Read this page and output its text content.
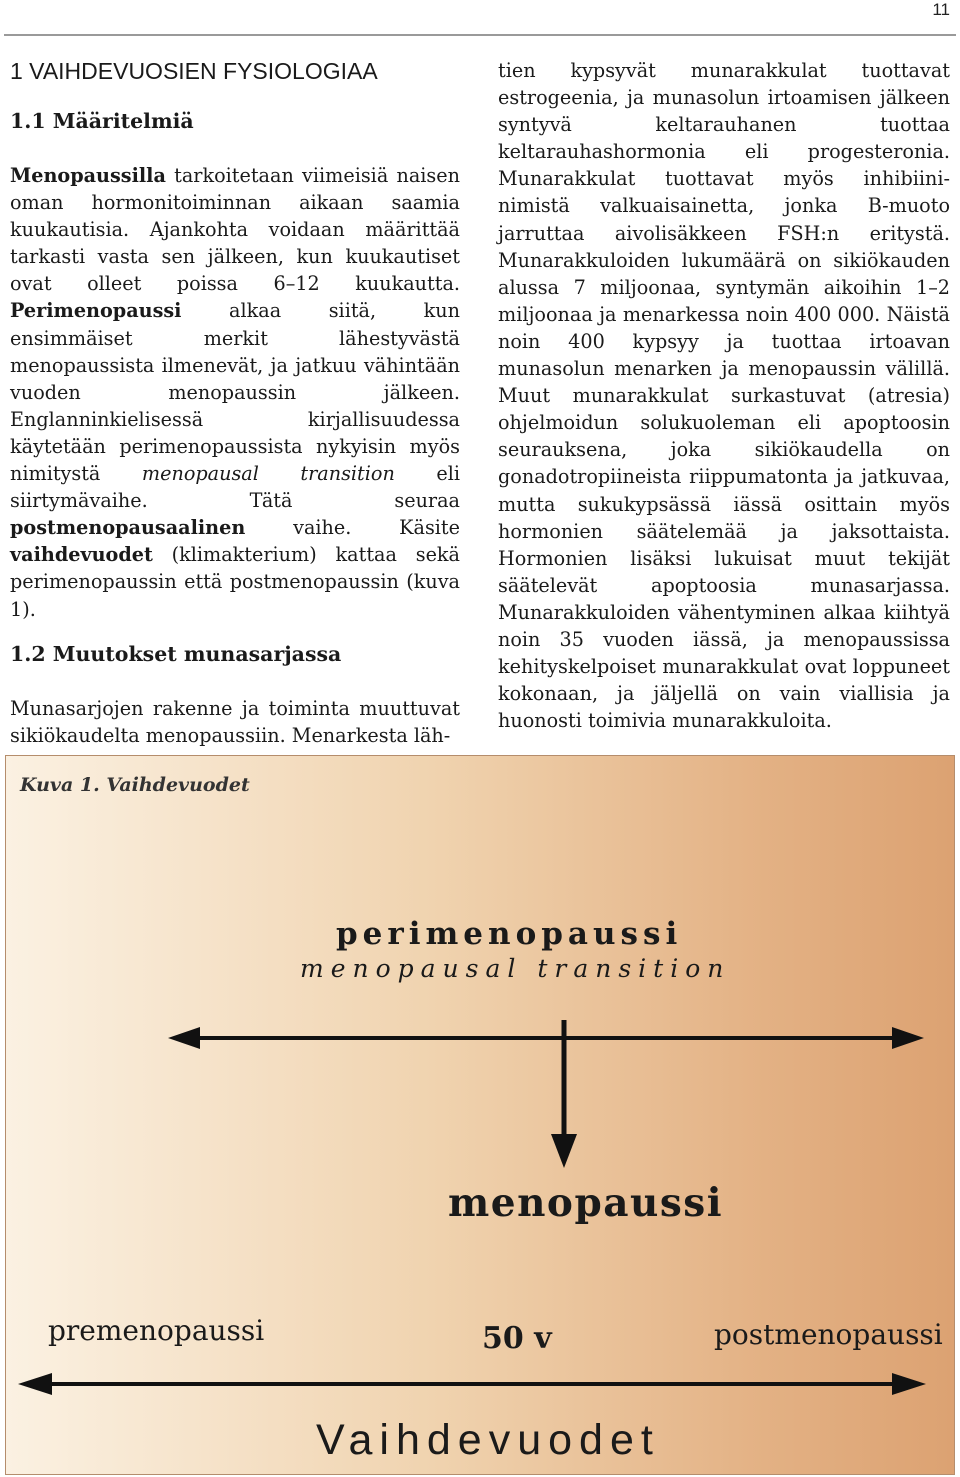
11
1 VAIHDEVUOSIEN FYSIOLOGIAA
1.1 Määritelmiä

Menopaussilla tarkoitetaan viimeisiä naisen oman hormonitoiminnan aikaan saamia kuukautisia. Ajankohta voidaan määrittää tarkasti vasta sen jälkeen, kun kuukautiset ovat olleet poissa 6–12 kuukautta. Perimenopaussi alkaa siitä, kun ensimmäiset merkit lähestyvästä menopaussista ilmenevät, ja jatkuu vähintään vuoden menopaussin jälkeen. Englanninkielisessä kirjallisuudessa käytetään perimenopaussista nykyisin myös nimitystä menopausal transition eli siirtymävaihe. Tätä seuraa postmenopausaalinen vaihe. Käsite vaihdevuodet (klimakterium) kattaa sekä perimenopaussin että postmenopaussin (kuva 1).

1.2 Muutokset munasarjassa

Munasarjojen rakenne ja toiminta muuttuvat sikiökaudelta menopaussiin. Menarkesta läh-

tien kypsyvät munarakkulat tuottavat estrogeenia, ja munasolun irtoamisen jälkeen syntyvä keltarauhanen tuottaa keltarauhashormonia eli progesteronia. Munarakkulat tuottavat myös inhibiini-nimistä valkuaisainetta, jonka B-muoto jarruttaa aivolisäkkeen FSH:n eritystä. Munarakkuloiden lukumäärä on sikiökauden alussa 7 miljoonaa, syntymän aikoihin 1–2 miljoonaa ja menarkessa noin 400 000. Näistä noin 400 kypsyy ja tuottaa irtoavan munasolun menarken ja menopaussin välillä. Muut munarakkulat surkastuvat (atresia) ohjelmoidun solukuoleman eli apoptoosin seurauksena, joka sikiökaudella on gonadotropiineista riippumatonta ja jatkuvaa, mutta sukukypsässä iässä osittain myös hormonien säätelemää ja jaksottaista. Hormonien lisäksi lukuisat muut tekijät säätelevät apoptoosia munasarjassa. Munarakkuloiden vähentyminen alkaa kiihtyä noin 35 vuoden iässä, ja menopaussissa kehityskelpoiset munarakkulat ovat loppuneet kokonaan, ja jäljellä on vain viallisia ja huonosti toimivia munarakkuloita.

Kuva 1. Vaihdevuodet
perimenopaussi
menopausal transition
menopaussi
premenopaussi	50 v	postmenopaussi
Vaihdevuodet
